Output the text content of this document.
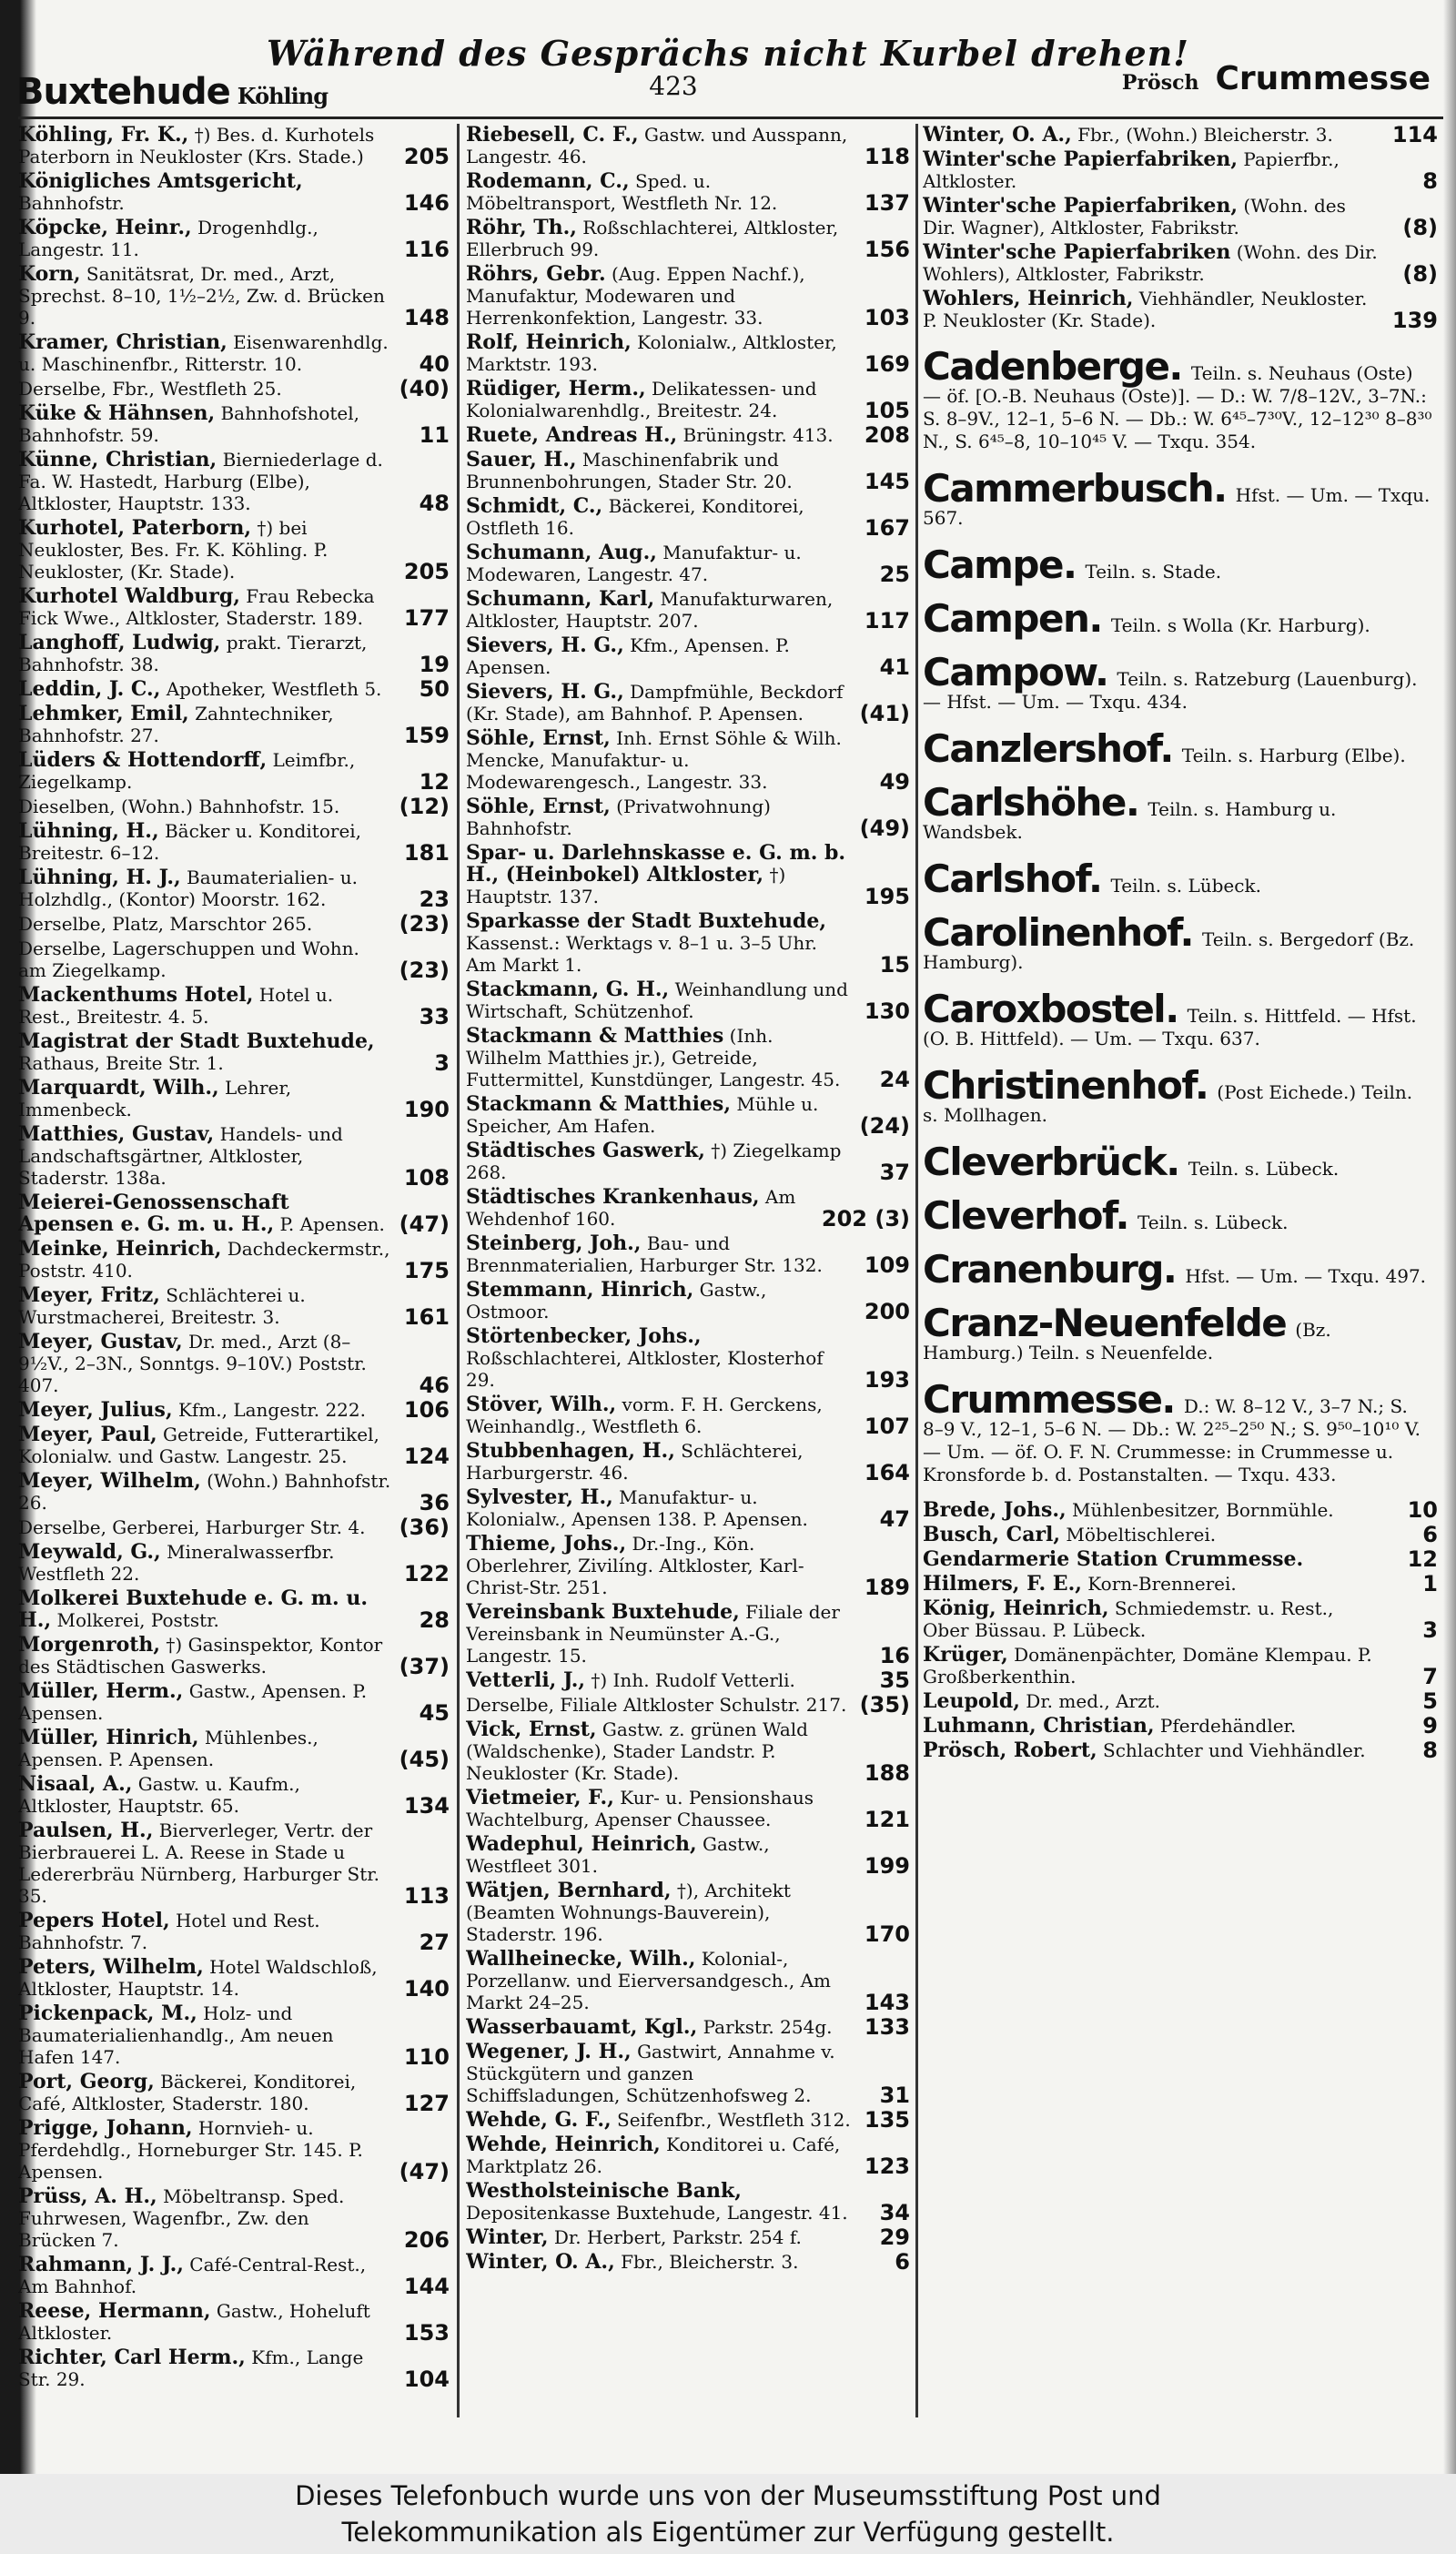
Während des Gesprächs nicht Kurbel drehen!
Buxtehude Köhling	423	Prösch Crummesse
Köhling, Fr. K., †) Bes. d. Kurhotels Paterborn in Neukloster (Krs. Stade.) 205
Königliches Amtsgericht, Bahnhofstr.	146
Köpcke, Heinr., Drogenhdlg., Langestr. 11.	116
Korn, Sanitätsrat, Dr. med., Arzt, Sprechst. 8–10, 1½–2½, Zw. d. Brücken 9.	148
Kramer, Christian, Eisenwarenhdlg. u. Maschinenfbr., Ritterstr. 10.	40
Derselbe, Fbr., Westfleth 25.	(40)
Kükе & Hähnsen, Bahnhofshotel, Bahnhofstr. 59.	11
Künne, Christian, Bierniederlage d. Fa. W. Hastedt, Harburg (Elbe), Altkloster, Hauptstr. 133.	48
Kurhotel, Paterborn, †) bei Neukloster, Bes. Fr. K. Köhling. P. Neukloster, (Kr. Stade).	205
Kurhotel Waldburg, Frau Rebecka Fick Wwe., Altkloster, Staderstr. 189. 177
Langhoff, Ludwig, prakt. Tierarzt, Bahnhofstr. 38.	19
Leddin, J. C., Apotheker, Westfleth 5. 50
Lehmker, Emil, Zahntechniker, Bahnhofstr. 27.	159
Lüders & Hottendorff, Leimfbr., Ziegelkamp.	12
Dieselben, (Wohn.) Bahnhofstr. 15.	(12)
Lühning, H., Bäcker u. Konditorei, Breitestr. 6–12.	181
Lühning, H. J., Baumaterialien- u. Holzhdlg., (Kontor) Moorstr. 162.	23
Derselbe, Platz, Marschtor 265.	(23)
Derselbe, Lagerschuppen und Wohn. am Ziegelkamp.	(23)
Mackenthums Hotel, Hotel u. Rest., Breitestr. 4. 5.	33
Magistrat der Stadt Buxtehude, Rathaus, Breite Str. 1.	3
Marquardt, Wilh., Lehrer, Immenbeck.	190
Matthies, Gustav, Handels- und Landschaftsgärtner, Altkloster, Staderstr. 138a.	108
Meierei-Genossenschaft Apensen e. G. m. u. H., P. Apensen. (47)
Meinke, Heinrich, Dachdeckermstr., Poststr. 410.	175
Meyer, Fritz, Schlächterei u. Wurstmacherei, Breitestr. 3.	161
Meyer, Gustav, Dr. med., Arzt (8–9½V., 2–3N., Sonntgs. 9–10V.) Poststr. 407.	46
Meyer, Julius, Kfm., Langestr. 222. 106
Meyer, Paul, Getreide, Futterartikel, Kolonialw. und Gastw. Langestr. 25.	124
Meyer, Wilhelm, (Wohn.) Bahnhofstr. 26.	36
Derselbe, Gerberei, Harburger Str. 4. (36)
Meywald, G., Mineralwasserfbr. Westfleth 22.	122
Molkerei Buxtehude e. G. m. u. H., Molkerei, Poststr.	28
Morgenroth, †) Gasinspektor, Kontor des Städtischen Gaswerks.	(37)
Müller, Herm., Gastw., Apensen. P. Apensen.	45
Müller, Hinrich, Mühlenbes., Apensen. P. Apensen.	(45)
Nisaal, A., Gastw. u. Kaufm., Altkloster, Hauptstr. 65.	134
Paulsen, H., Bierverleger, Vertr. der Bierbrauerei L. A. Reese in Stade u Ledererbräu Nürnberg, Harburger Str. 35.	113
Pepers Hotel, Hotel und Rest. Bahnhofstr. 7.	27
Peters, Wilhelm, Hotel Waldschloß, Altkloster, Hauptstr. 14.	140
Pickenpack, M., Holz- und Baumaterialienhandlg., Am neuen Hafen 147.	110
Port, Georg, Bäckerei, Konditorei, Café, Altkloster, Staderstr. 180.	127
Prigge, Johann, Hornvieh- u. Pferdehdlg., Horneburger Str. 145. P. Apensen.	(47)
Prüss, A. H., Möbeltransp. Sped. Fuhrwesen, Wagenfbr., Zw. den Brücken 7.	206
Rahmann, J. J., Café-Central-Rest., Am Bahnhof.	144
Reese, Hermann, Gastw., Hoheluft Altkloster.	153
Richter, Carl Herm., Kfm., Lange Str. 29.	104
Riebesell, C. F., Gastw. und Ausspann, Langestr. 46.	118
Rodemann, C., Sped. u. Möbeltransport, Westfleth Nr. 12.	137
Röhr, Th., Roßschlachterei, Altkloster, Ellerbruch 99.	156
Röhrs, Gebr. (Aug. Eppen Nachf.), Manufaktur, Modewaren und Herrenkonfektion, Langestr. 33.	103
Rolf, Heinrich, Kolonialw., Altkloster, Marktstr. 193.	169
Rüdiger, Herm., Delikatessen- und Kolonialwarenhdlg., Breitestr. 24.	105
Ruete, Andreas H., Brüningstr. 413. 208
Sauer, H., Maschinenfabrik und Brunnenbohrungen, Stader Str. 20.	145
Schmidt, C., Bäckerei, Konditorei, Ostfleth 16.	167
Schumann, Aug., Manufaktur- u. Modewaren, Langestr. 47.	25
Schumann, Karl, Manufakturwaren, Altkloster, Hauptstr. 207.	117
Sievers, H. G., Kfm., Apensen. P. Apensen.	41
Sievers, H. G., Dampfmühle, Beckdorf (Kr. Stade), am Bahnhof. P. Apensen.	(41)
Söhle, Ernst, Inh. Ernst Söhle & Wilh. Mencke, Manufaktur- u. Modewarengesch., Langestr. 33.	49
Söhle, Ernst, (Privatwohnung) Bahnhofstr.	(49)
Spar- u. Darlehnskasse e. G. m. b. H., (Heinbokel) Altkloster, †) Hauptstr. 137.	195
Sparkasse der Stadt Buxtehude, Kassenst.: Werktags v. 8–1 u. 3–5 Uhr. Am Markt 1.	15
Stackmann, G. H., Weinhandlung und Wirtschaft, Schützenhof.	130
Stackmann & Matthies (Inh. Wilhelm Matthies jr.), Getreide, Futtermittel, Kunstdünger, Langestr. 45. 24
Stackmann & Matthies, Mühle u. Speicher, Am Hafen.	(24)
Städtisches Gaswerk, †) Ziegelkamp 268.	37
Städtisches Krankenhaus, Am Wehdenhof 160.	202 (3)
Steinberg, Joh., Bau- und Brennmaterialien, Harburger Str. 132. 109
Stemmann, Hinrich, Gastw., Ostmoor.	200
Störtenbecker, Johs., Roßschlachterei, Altkloster, Klosterhof 29.	193
Stöver, Wilh., vorm. F. H. Gerckens, Weinhandlg., Westfleth 6.	107
Stubbenhagen, H., Schlächterei, Harburgerstr. 46.	164
Sylvester, H., Manufaktur- u. Kolonialw., Apensen 138. P. Apensen.	47
Thieme, Johs., Dr.-Ing., Kön. Oberlehrer, Zivilíng. Altkloster, Karl-Christ-Str. 251.	189
Vereinsbank Buxtehude, Filiale der Vereinsbank in Neumünster A.-G., Langestr. 15.	16
Vetterli, J., †) Inh. Rudolf Vetterli.	35
Derselbe, Filiale Altkloster Schulstr. 217. (35)
Vick, Ernst, Gastw. z. grünen Wald (Waldschenke), Stader Landstr. P. Neukloster (Kr. Stade).	188
Vietmeier, F., Kur- u. Pensionshaus Wachtelburg, Apenser Chaussee.	121
Wadephul, Heinrich, Gastw., Westfleet 301.	199
Wätjen, Bernhard, †), Architekt (Beamten Wohnungs-Bauverein), Staderstr. 196.	170
Wallheinecke, Wilh., Kolonial-, Porzellanw. und Eierversandgesch., Am Markt 24–25.	143
Wasserbauamt, Kgl., Parkstr. 254g. 133
Wegener, J. H., Gastwirt, Annahme v. Stückgütern und ganzen Schiffsladungen, Schützenhofsweg 2.	31
Wehde, G. F., Seifenfbr., Westfleth 312. 135
Wehde, Heinrich, Konditorei u. Café, Marktplatz 26.	123
Westholsteinische Bank, Depositenkasse Buxtehude, Langestr. 41. 34
Winter, Dr. Herbert, Parkstr. 254 f.	29
Winter, O. A., Fbr., Bleicherstr. 3.	6
Winter, O. A., Fbr., (Wohn.) Bleicherstr. 3.	114
Winter'sche Papierfabriken, Papierfbr., Altkloster.	8
Winter'sche Papierfabriken, (Wohn. des Dir. Wagner), Altkloster, Fabrikstr.	(8)
Winter'sche Papierfabriken (Wohn. des Dir. Wohlers), Altkloster, Fabrikstr.	(8)
Wohlers, Heinrich, Viehhändler, Neukloster. P. Neukloster (Kr. Stade).	139
Cadenberge. Teiln. s. Neuhaus (Oste) — öf. [O.-B. Neuhaus (Oste)]. — D.: W. 7/8–12V., 3–7N.: S. 8–9V., 12–1, 5–6 N. — Db.: W. 6⁴⁵–7³⁰V., 12–12³⁰ 8–8³⁰ N., S. 6⁴⁵–8, 10–10⁴⁵ V. — Txqu. 354.
Cammerbusch. Hfst. — Um. — Txqu. 567.
Campe. Teiln. s. Stade.
Campen. Teiln. s Wolla (Kr. Harburg).
Campow. Teiln. s. Ratzeburg (Lauenburg). — Hfst. — Um. — Txqu. 434.
Canzlershof. Teiln. s. Harburg (Elbe).
Carlshöhe. Teiln. s. Hamburg u. Wandsbek.
Carlshof. Teiln. s. Lübeck.
Carolinenhof. Teiln. s. Bergedorf (Bz. Hamburg).
Caroxbostel. Teiln. s. Hittfeld. — Hfst. (O. B. Hittfeld). — Um. — Txqu. 637.
Christinenhof. (Post Eichede.) Teiln. s. Mollhagen.
Cleverbrück. Teiln. s. Lübeck.
Cleverhof. Teiln. s. Lübeck.
Cranenburg. Hfst. — Um. — Txqu. 497.
Cranz-Neuenfelde (Bz. Hamburg.) Teiln. s Neuenfelde.
Crummesse. D.: W. 8–12 V., 3–7 N.; S. 8–9 V., 12–1, 5–6 N. — Db.: W. 2²⁵–2⁵⁰ N.; S. 9⁵⁰–10¹⁰ V. — Um. — öf. O. F. N. Crummesse: in Crummesse u. Kronsforde b. d. Postanstalten. — Txqu. 433.
Brede, Johs., Mühlenbesitzer, Bornmühle.	10
Busch, Carl, Möbeltischlerei.	6
Gendarmerie Station Crummesse.	12
Hilmers, F. E., Korn-Brennerei.	1
König, Heinrich, Schmiedemstr. u. Rest., Ober Büssau. P. Lübeck.	3
Krüger, Domänenpächter, Domäne Klempau. P. Großberkenthin.	7
Leupold, Dr. med., Arzt.	5
Luhmann, Christian, Pferdehändler.	9
Prösch, Robert, Schlachter und Viehhändler.	8
Dieses Telefonbuch wurde uns von der Museumsstiftung Post und
Telekommunikation als Eigentümer zur Verfügung gestellt.
